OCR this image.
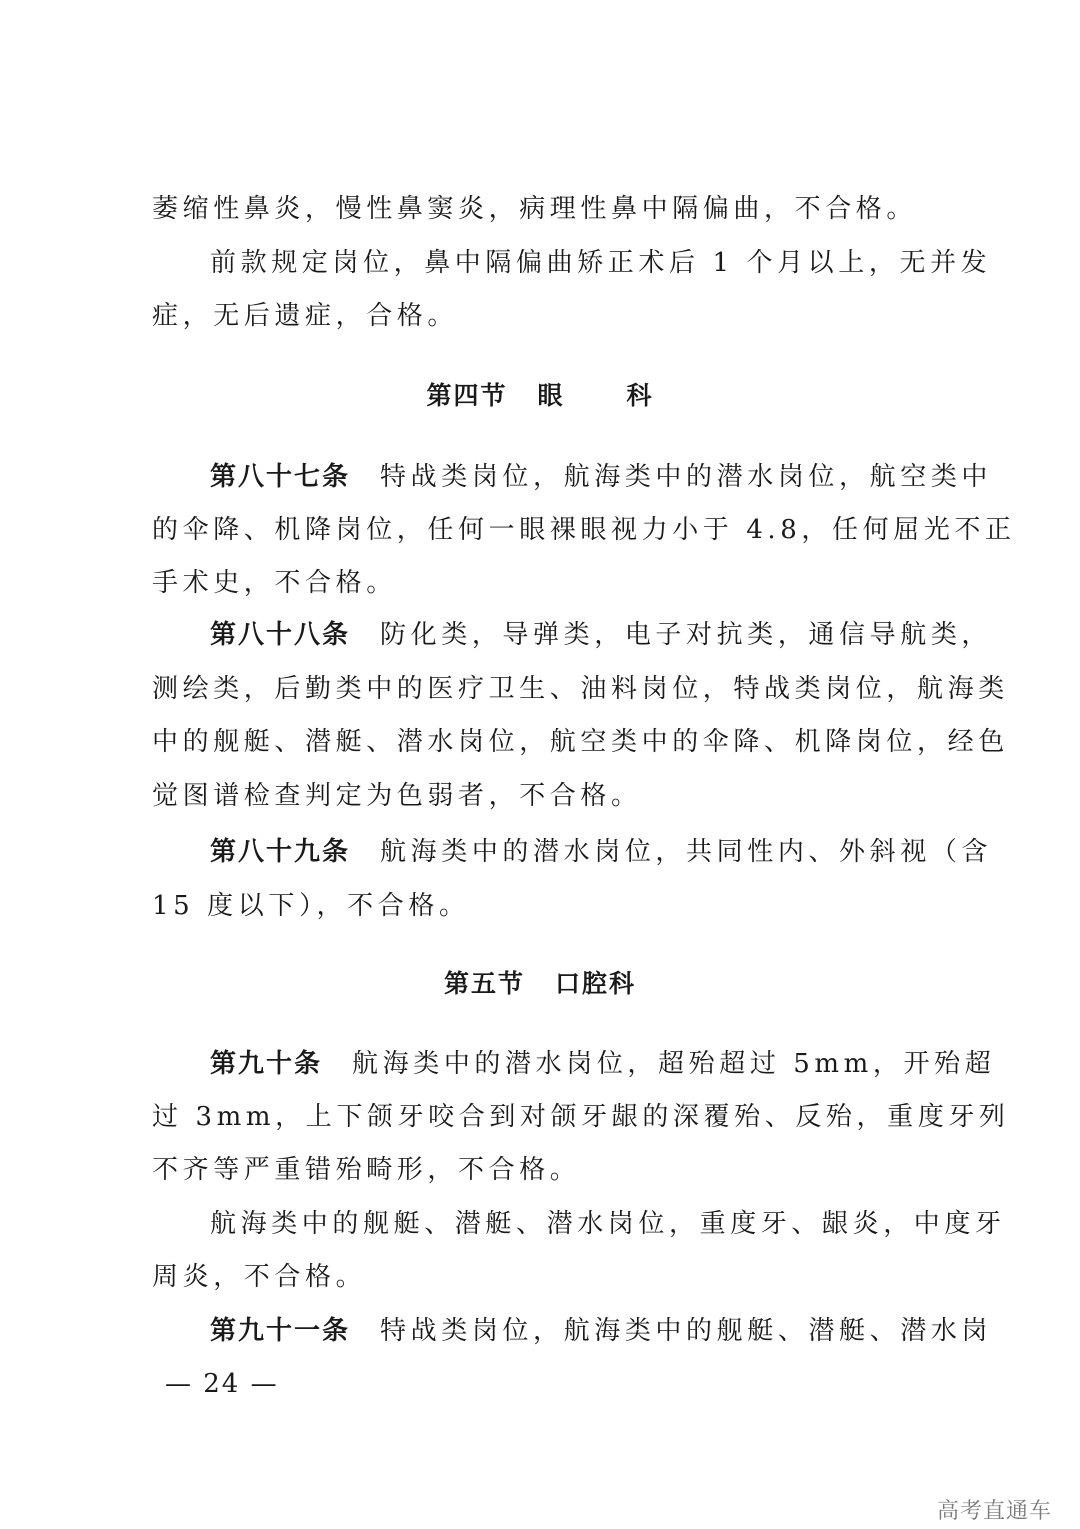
萎缩性鼻炎，慢性鼻窦炎，病理性鼻中隔偏曲，不合格。
前款规定岗位，鼻中隔偏曲矫正术后 1 个月以上，无并发
症，无后遗症，合格。
第四节 眼 科
第八十七条 特战类岗位，航海类中的潜水岗位，航空类中
的伞降、机降岗位，任何一眼裸眼视力小于 4.8，任何屈光不正
手术史，不合格。
第八十八条 防化类，导弹类，电子对抗类，通信导航类，
测绘类，后勤类中的医疗卫生、油料岗位，特战类岗位，航海类
中的舰艇、潜艇、潜水岗位，航空类中的伞降、机降岗位，经色
觉图谱检查判定为色弱者，不合格。
第八十九条 航海类中的潜水岗位，共同性内、外斜视（含
15 度以下），不合格。
第五节 口腔科
第九十条 航海类中的潜水岗位，超殆超过 5mm，开殆超
过 3mm，上下颌牙咬合到对颌牙龈的深覆殆、反殆，重度牙列
不齐等严重错殆畸形，不合格。
航海类中的舰艇、潜艇、潜水岗位，重度牙、龈炎，中度牙
周炎，不合格。
第九十一条 特战类岗位，航海类中的舰艇、潜艇、潜水岗
— 24 —
高考直通车
